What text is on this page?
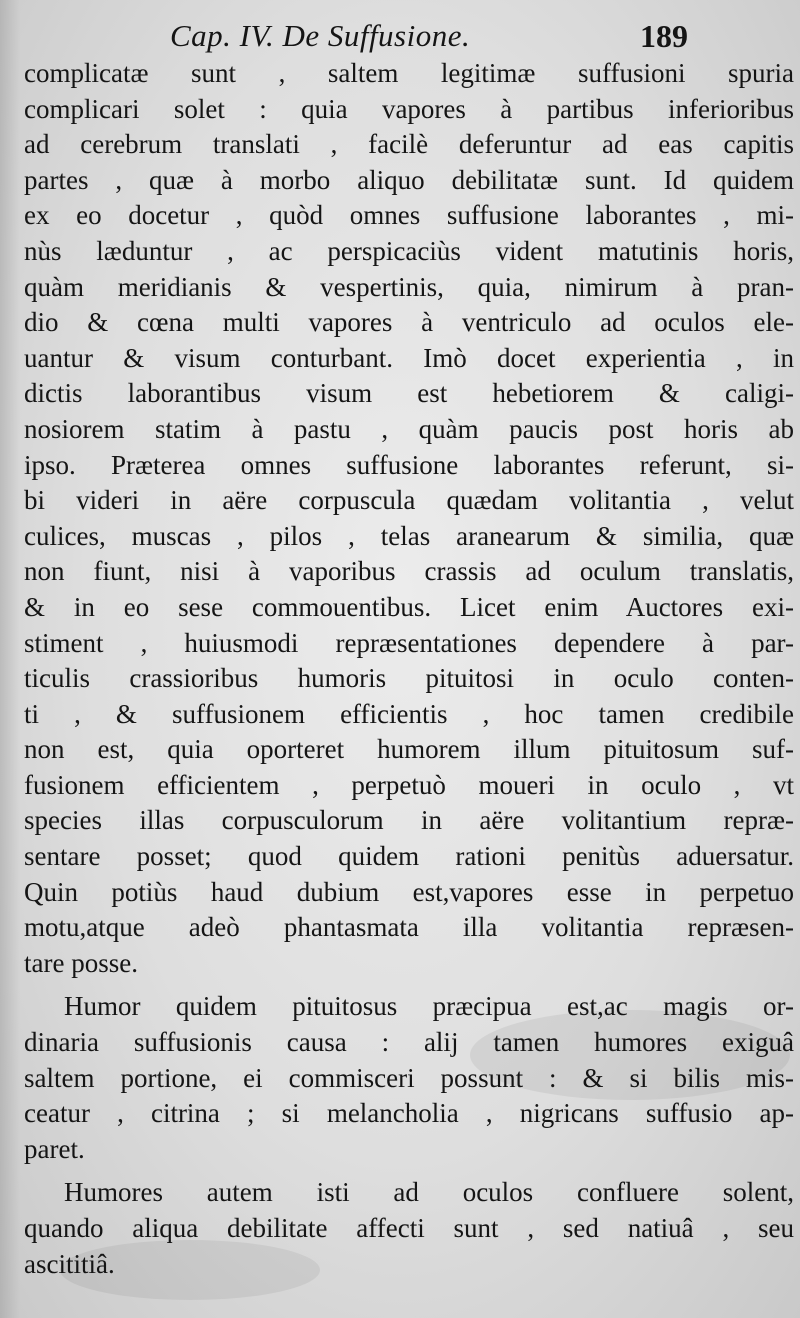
Cap. IV. De Suffusione.	189
complicatæ sunt , saltem legitimæ suffusioni spuria
complicari solet : quia vapores à partibus inferioribus
ad cerebrum translati , facilè deferuntur ad eas capitis
partes , quæ à morbo aliquo debilitatæ sunt. Id quidem
ex eo docetur , quòd omnes suffusione laborantes , mi-
nùs læduntur , ac perspicaciùs vident matutinis horis,
quàm meridianis & vespertinis, quia, nimirum à pran-
dio & cœna multi vapores à ventriculo ad oculos ele-
uantur & visum conturbant. Imò docet experientia , in
dictis laborantibus visum est hebetiorem & caligi-
nosiorem statim à pastu , quàm paucis post horis ab
ipso. Præterea omnes suffusione laborantes referunt, si-
bi videri in aëre corpuscula quædam volitantia , velut
culices, muscas , pilos , telas aranearum & similia, quæ
non fiunt, nisi à vaporibus crassis ad oculum translatis,
& in eo sese commouentibus. Licet enim Auctores exi-
stiment , huiusmodi repræsentationes dependere à par-
ticulis crassioribus humoris pituitosi in oculo conten-
ti , & suffusionem efficientis , hoc tamen credibile
non est, quia oporteret humorem illum pituitosum suf-
fusionem efficientem , perpetuò moueri in oculo , vt
species illas corpusculorum in aëre volitantium repræ-
sentare posset; quod quidem rationi penitùs aduersatur.
Quin potiùs haud dubium est,vapores esse in perpetuo
motu,atque adeò phantasmata illa volitantia repræsen-
tare posse.
Humor quidem pituitosus præcipua est,ac magis or-
dinaria suffusionis causa : alij tamen humores exiguâ
saltem portione, ei commisceri possunt : & si bilis mis-
ceatur , citrina ; si melancholia , nigricans suffusio ap-
paret.
Humores autem isti ad oculos confluere solent,
quando aliqua debilitate affecti sunt , sed natiuâ , seu
ascititiâ.
